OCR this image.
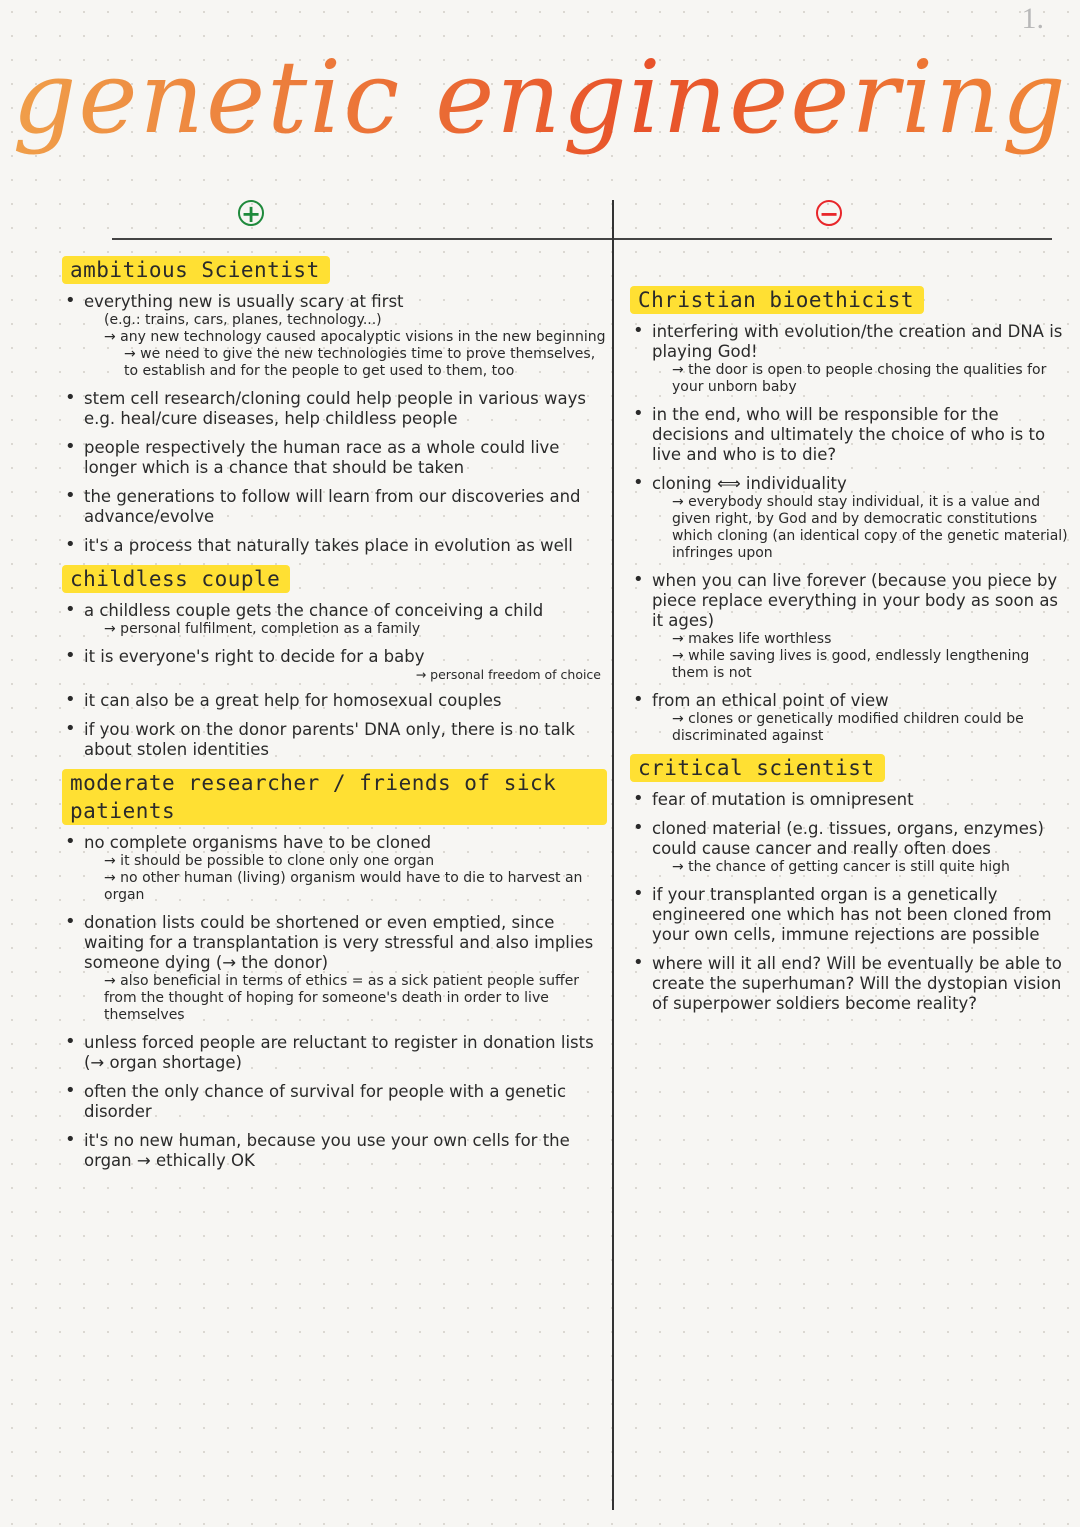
1.
genetic engineering
+	−
ambitious Scientist
• everything new is usually scary at first
(e.g.: trains, cars, planes, technology...)
→ any new technology caused apocalyptic visions in the new beginning
→ we need to give the new technologies time to prove themselves, to establish and for the people to get used to them, too
• stem cell research/cloning could help people in various ways e.g. heal/cure diseases, help childless people
• people respectively the human race as a whole could live longer which is a chance that should be taken
• the generations to follow will learn from our discoveries and advance/evolve
• it's a process that naturally takes place in evolution as well
childless couple
• a childless couple gets the chance of conceiving a child
→ personal fulfilment, completion as a family
• it is everyone's right to decide for a baby
→ personal freedom of choice
• it can also be a great help for homosexual couples
• if you work on the donor parents' DNA only, there is no talk about stolen identities
moderate researcher / friends of sick patients
• no complete organisms have to be cloned
→ it should be possible to clone only one organ
→ no other human (living) organism would have to die to harvest an organ
• donation lists could be shortened or even emptied, since waiting for a transplantation is very stressful and also implies someone dying (→ the donor)
→ also beneficial in terms of ethics = as a sick patient people suffer from the thought of hoping for someone's death in order to live themselves
• unless forced people are reluctant to register in donation lists (→ organ shortage)
• often the only chance of survival for people with a genetic disorder
• it's no new human, because you use your own cells for the organ → ethically OK
Christian bioethicist
• interfering with evolution/the creation and DNA is playing God!
→ the door is open to people chosing the qualities for your unborn baby
• in the end, who will be responsible for the decisions and ultimately the choice of who is to live and who is to die?
• cloning ⟺ individuality
→ everybody should stay individual, it is a value and given right, by God and by democratic constitutions which cloning (an identical copy of the genetic material) infringes upon
• when you can live forever (because you piece by piece replace everything in your body as soon as it ages)
→ makes life worthless
→ while saving lives is good, endlessly lengthening them is not
• from an ethical point of view
→ clones or genetically modified children could be discriminated against
critical scientist
• fear of mutation is omnipresent
• cloned material (e.g. tissues, organs, enzymes) could cause cancer and really often does
→ the chance of getting cancer is still quite high
• if your transplanted organ is a genetically engineered one which has not been cloned from your own cells, immune rejections are possible
• where will it all end? Will be eventually be able to create the superhuman? Will the dystopian vision of superpower soldiers become reality?
